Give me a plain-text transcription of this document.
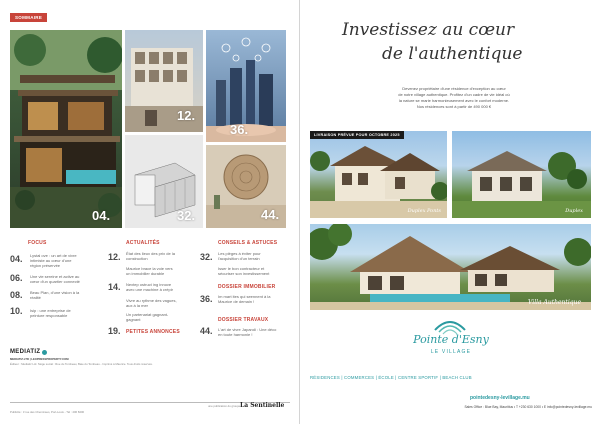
SOMMAIRE
04.
12.
36.
32.	44.
FOCUS
04. Lystal ove : un art de vivre intimiste au cœur d'une région préservée
06. Une vie sereine et active au cœur d'un quartier connecté
08. Beau Plan, d'une vision à la réalité
10. Isip : une entreprise de peinture responsable
ACTUALITÉS
12. État des lieux des prix de la construction
Maurice brace la voie vers un immobilier durable
14. Nextep ostruct ing innove avec une machine à crépir
Vivre au rythme des vagues, aux à la mer
Un partenariat gagnant-gagnant
19. PETITES ANNONCES
CONSEILS & ASTUCES
32. Les pièges à éviter pour l'acquisition d'un terrain
Isser le bon contracteur et sécuriser son investissement
DOSSIER IMMOBILIER
36. Im mart ites qui seennent à la Maurice de demain !
DOSSIER TRAVAUX
44. L'art de vivre Japandi : Une déco en toute harmonie !
MEDIATIZ
MEDIATIZ.LTD | LEXPRESSPROPERTY.COM
Éditeur : Mediatiz Ltd. Siège social : Rue du Tombeau, Baie du Tombeau - Imprimé à Maurice. Tous droits réservés.
une publication du groupe La Sentinelle
Publicité : 3 rue des Cheminées, Port-Louis - Tél : 206 8200
Investissez au cœur
de l'authentique
Devenez propriétaire d'une résidence d'exception au cœur
de notre village authentique. Profitez d'un cadre de vie idéal où
la nature se marie harmonieusement avec le confort moderne.
Nos résidences sont à partir de 490 000 €
LIVRAISON PRÉVUE POUR OCTOBRE 2025
Duplex Ponts	Duplex
Villa Authentique
Pointe d'Esny
LE VILLAGE
RÉSIDENCES | COMMERCES | ÉCOLE | CENTRE SPORTIF | BEACH CLUB
pointedesny-levillage.mu
Sales Office : Blue Bay, Mauritius • T +230 630 1000 • E info@pointedesny-levillage.mu
